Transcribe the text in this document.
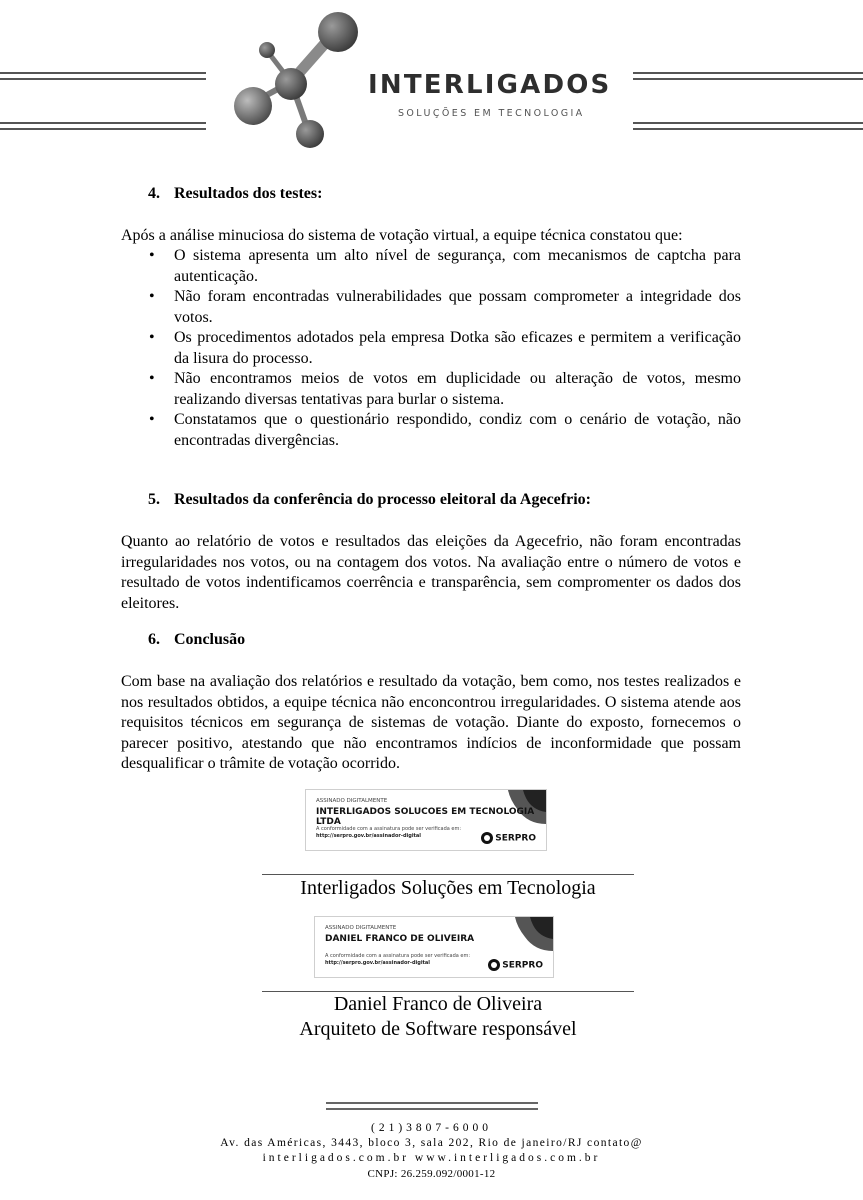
INTERLIGADOS
SOLUÇÕES EM TECNOLOGIA
4. Resultados dos testes:
Após a análise minuciosa do sistema de votação virtual, a equipe técnica constatou que:
• O sistema apresenta um alto nível de segurança, com mecanismos de captcha para autenticação.
• Não foram encontradas vulnerabilidades que possam comprometer a integridade dos votos.
• Os procedimentos adotados pela empresa Dotka são eficazes e permitem a verificação da lisura do processo.
• Não encontramos meios de votos em duplicidade ou alteração de votos, mesmo realizando diversas tentativas para burlar o sistema.
• Constatamos que o questionário respondido, condiz com o cenário de votação, não encontradas divergências.
5. Resultados da conferência do processo eleitoral da Agecefrio:
Quanto ao relatório de votos e resultados das eleições da Agecefrio, não foram encontradas irregularidades nos votos, ou na contagem dos votos. Na avaliação entre o número de votos e resultado de votos indentificamos coerrência e transparência, sem compromenter os dados dos eleitores.
6. Conclusão
Com base na avaliação dos relatórios e resultado da votação, bem como, nos testes realizados e nos resultados obtidos, a equipe técnica não enconcontrou irregularidades. O sistema atende aos requisitos técnicos em segurança de sistemas de votação. Diante do exposto, fornecemos o parecer positivo, atestando que não encontramos indícios de inconformidade que possam desqualificar o trâmite de votação ocorrido.
ASSINADO DIGITALMENTE
INTERLIGADOS SOLUCOES EM TECNOLOGIA LTDA
A conformidade com a assinatura pode ser verificada em:
http://serpro.gov.br/assinador-digital	SERPRO
Interligados Soluções em Tecnologia
ASSINADO DIGITALMENTE
DANIEL FRANCO DE OLIVEIRA
A conformidade com a assinatura pode ser verificada em:
http://serpro.gov.br/assinador-digital	SERPRO
Daniel Franco de Oliveira
Arquiteto de Software responsável
(21)3807-6000
Av. das Américas, 3443, bloco 3, sala 202, Rio de janeiro/RJ contato@
interligados.com.br www.interligados.com.br
CNPJ: 26.259.092/0001-12
